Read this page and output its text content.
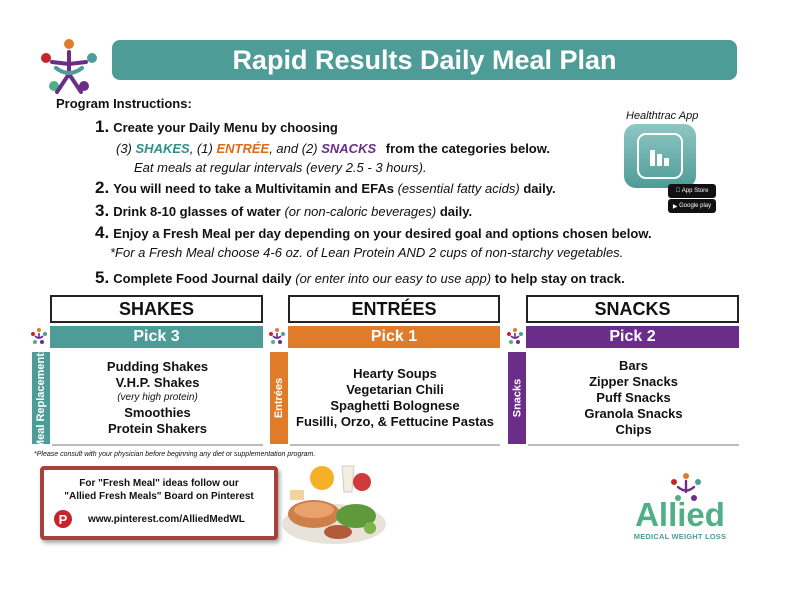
Rapid Results Daily Meal Plan
Program Instructions:
1. Create your Daily Menu by choosing
(3) SHAKES, (1) ENTRÉE, and (2) SNACKS from the categories below.
Eat meals at regular intervals (every 2.5 - 3 hours).
2. You will need to take a Multivitamin and EFAs (essential fatty acids) daily.
3. Drink 8-10 glasses of water (or non-caloric beverages) daily.
4. Enjoy a Fresh Meal per day depending on your desired goal and options chosen below.
*For a Fresh Meal choose 4-6 oz. of Lean Protein AND 2 cups of non-starchy vegetables.
5. Complete Food Journal daily (or enter into our easy to use app) to help stay on track.
Healthtrac App

App Store
▶
Google play
SHAKES
Pick 3
Meal Replacements	Pudding Shakes
V.H.P. Shakes
(very high protein)
Smoothies
Protein Shakers
ENTRÉES
Pick 1
Entrées
Hearty Soups
Vegetarian Chili
Spaghetti Bolognese
Fusilli, Orzo, & Fettucine Pastas
SNACKS
Pick 2
Snacks
Bars
Zipper Snacks
Puff Snacks
Granola Snacks
Chips
*Please consult with your physician before beginning any diet or supplementation program.
For "Fresh Meal" ideas follow our
"Allied Fresh Meals" Board on Pinterest
P	www.pinterest.com/AlliedMedWL	Allied
MEDICAL WEIGHT LOSS
